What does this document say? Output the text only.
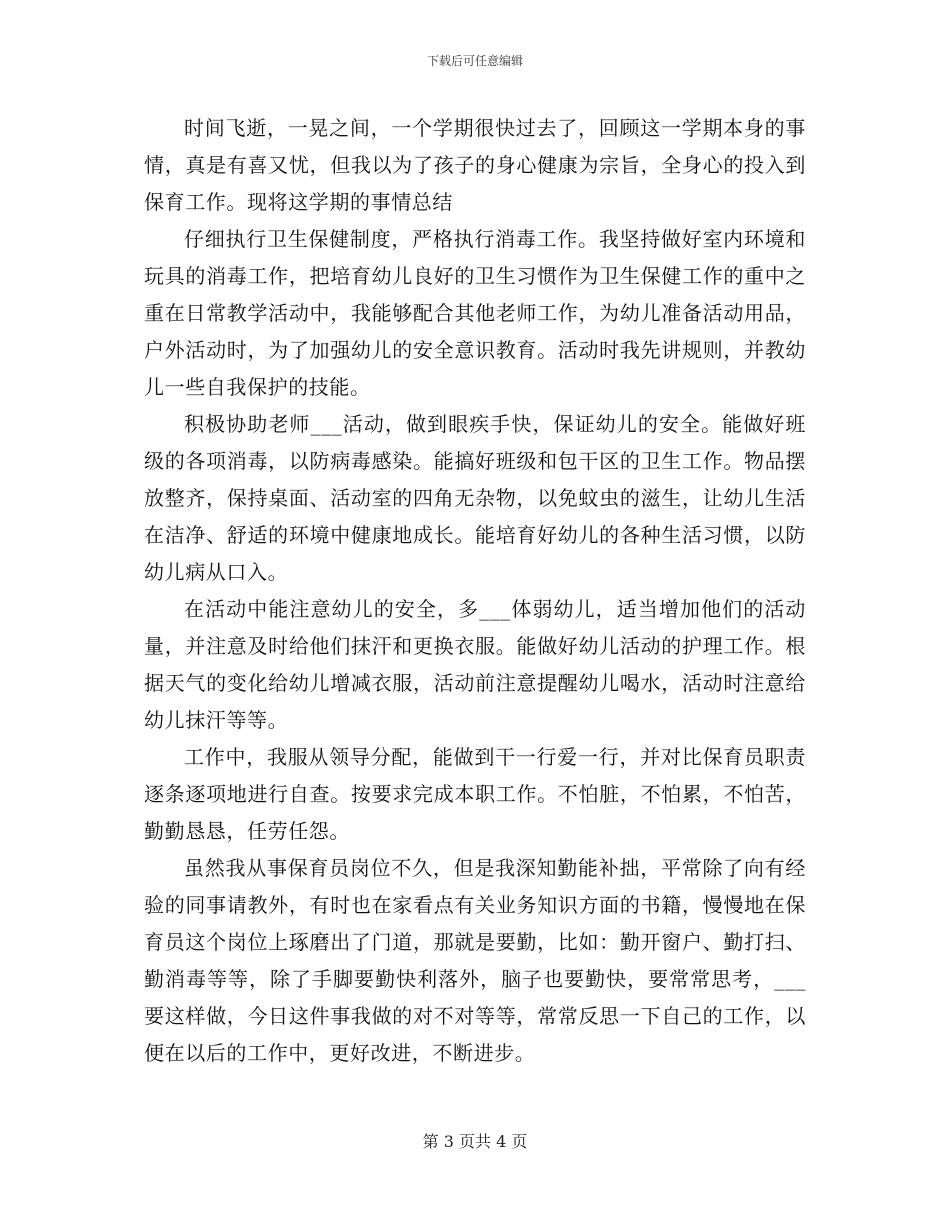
下载后可任意编辑

时间飞逝，一晃之间，一个学期很快过去了，回顾这一学期本身的事情，真是有喜又忧，但我以为了孩子的身心健康为宗旨，全身心的投入到保育工作。现将这学期的事情总结

仔细执行卫生保健制度，严格执行消毒工作。我坚持做好室内环境和玩具的消毒工作，把培育幼儿良好的卫生习惯作为卫生保健工作的重中之重在日常教学活动中，我能够配合其他老师工作，为幼儿准备活动用品，户外活动时，为了加强幼儿的安全意识教育。活动时我先讲规则，并教幼儿一些自我保护的技能。

积极协助老师___活动，做到眼疾手快，保证幼儿的安全。能做好班级的各项消毒，以防病毒感染。能搞好班级和包干区的卫生工作。物品摆放整齐，保持桌面、活动室的四角无杂物，以免蚊虫的滋生，让幼儿生活在洁净、舒适的环境中健康地成长。能培育好幼儿的各种生活习惯，以防幼儿病从口入。

在活动中能注意幼儿的安全，多___体弱幼儿，适当增加他们的活动量，并注意及时给他们抹汗和更换衣服。能做好幼儿活动的护理工作。根据天气的变化给幼儿增减衣服，活动前注意提醒幼儿喝水，活动时注意给幼儿抹汗等等。

工作中，我服从领导分配，能做到干一行爱一行，并对比保育员职责逐条逐项地进行自查。按要求完成本职工作。不怕脏，不怕累，不怕苦，勤勤恳恳，任劳任怨。

虽然我从事保育员岗位不久，但是我深知勤能补拙，平常除了向有经验的同事请教外，有时也在家看点有关业务知识方面的书籍，慢慢地在保育员这个岗位上琢磨出了门道，那就是要勤，比如：勤开窗户、勤打扫、勤消毒等等，除了手脚要勤快利落外，脑子也要勤快，要常常思考，___要这样做，今日这件事我做的对不对等等，常常反思一下自己的工作，以便在以后的工作中，更好改进，不断进步。

第 3 页共 4 页
